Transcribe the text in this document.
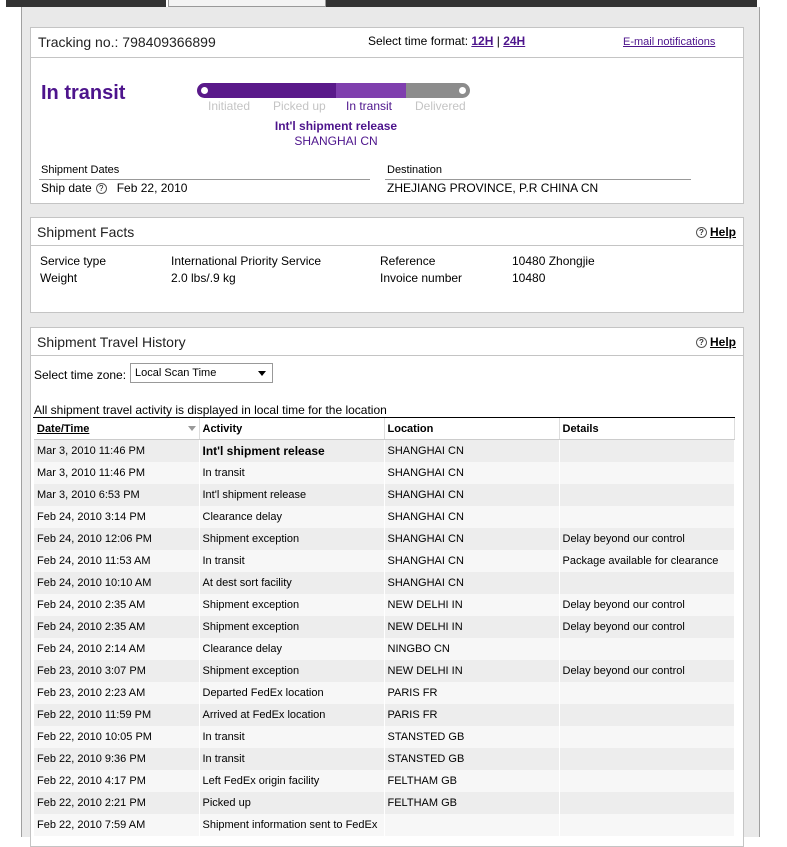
Tracking no.: 798409366899	Select time format: 12H | 24H	E-mail notifications
In transit
Initiated Picked up In transit Delivered
Int'l shipment release
SHANGHAI CN
Shipment Dates
Ship date ? Feb 22, 2010
Destination
ZHEJIANG PROVINCE, P.R CHINA CN
Shipment Facts	? Help
Service type	International Priority Service
Weight	2.0 lbs/.9 kg
Reference	10480 Zhongjie
Invoice number	10480
Shipment Travel History	? Help
Select time zone: Local Scan Time
All shipment travel activity is displayed in local time for the location
Date/Time	Activity	Location	Details
Mar 3, 2010 11:46 PM	Int'l shipment release	SHANGHAI CN	
Mar 3, 2010 11:46 PM	In transit	SHANGHAI CN	
Mar 3, 2010 6:53 PM	Int'l shipment release	SHANGHAI CN	
Feb 24, 2010 3:14 PM	Clearance delay	SHANGHAI CN	
Feb 24, 2010 12:06 PM	Shipment exception	SHANGHAI CN	Delay beyond our control
Feb 24, 2010 11:53 AM	In transit	SHANGHAI CN	Package available for clearance
Feb 24, 2010 10:10 AM	At dest sort facility	SHANGHAI CN	
Feb 24, 2010 2:35 AM	Shipment exception	NEW DELHI IN	Delay beyond our control
Feb 24, 2010 2:35 AM	Shipment exception	NEW DELHI IN	Delay beyond our control
Feb 24, 2010 2:14 AM	Clearance delay	NINGBO CN	
Feb 23, 2010 3:07 PM	Shipment exception	NEW DELHI IN	Delay beyond our control
Feb 23, 2010 2:23 AM	Departed FedEx location	PARIS FR	
Feb 22, 2010 11:59 PM	Arrived at FedEx location	PARIS FR	
Feb 22, 2010 10:05 PM	In transit	STANSTED GB	
Feb 22, 2010 9:36 PM	In transit	STANSTED GB	
Feb 22, 2010 4:17 PM	Left FedEx origin facility	FELTHAM GB	
Feb 22, 2010 2:21 PM	Picked up	FELTHAM GB	
Feb 22, 2010 7:59 AM	Shipment information sent to FedEx		
